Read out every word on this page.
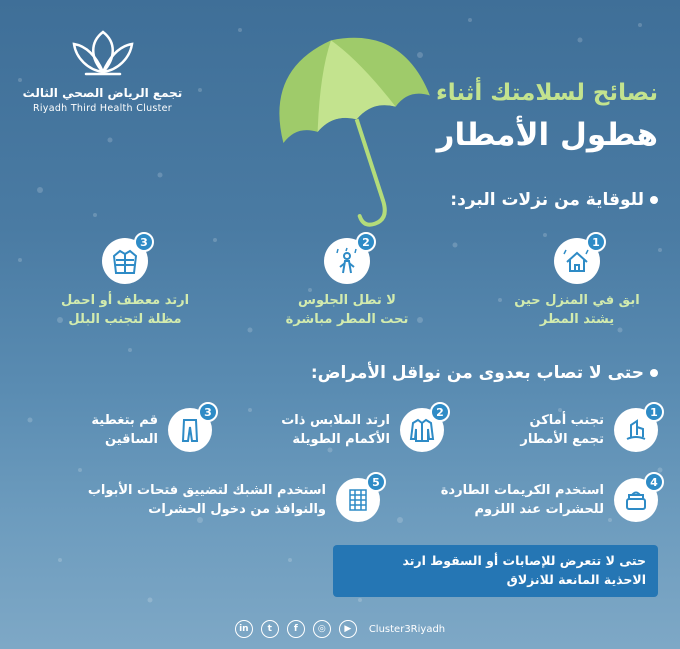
تجمع الرياض الصحي الثالث
Riyadh Third Health Cluster
نصائح لسلامتك أثناء
هطول الأمطار
للوقاية من نزلات البرد:
1
ابق في المنزل حين
يشتد المطر
2
لا تطل الجلوس
تحت المطر مباشرة
3
ارتد معطف أو احمل
مظلة لتجنب البلل
حتى لا تصاب بعدوى من نواقل الأمراض:
1
تجنب أماكن
تجمع الأمطار
2
ارتد الملابس ذات
الأكمام الطويلة
3
قم بتغطية
الساقين
4
استخدم الكريمات الطاردة
للحشرات عند اللزوم
5
استخدم الشبك لتضييق فتحات الأبواب
والنوافذ من دخول الحشرات
حتى لا تتعرض للإصابات أو السقوط ارتد
الاحذية المانعة للانزلاق
in	t	f	◎	▶	Cluster3Riyadh
